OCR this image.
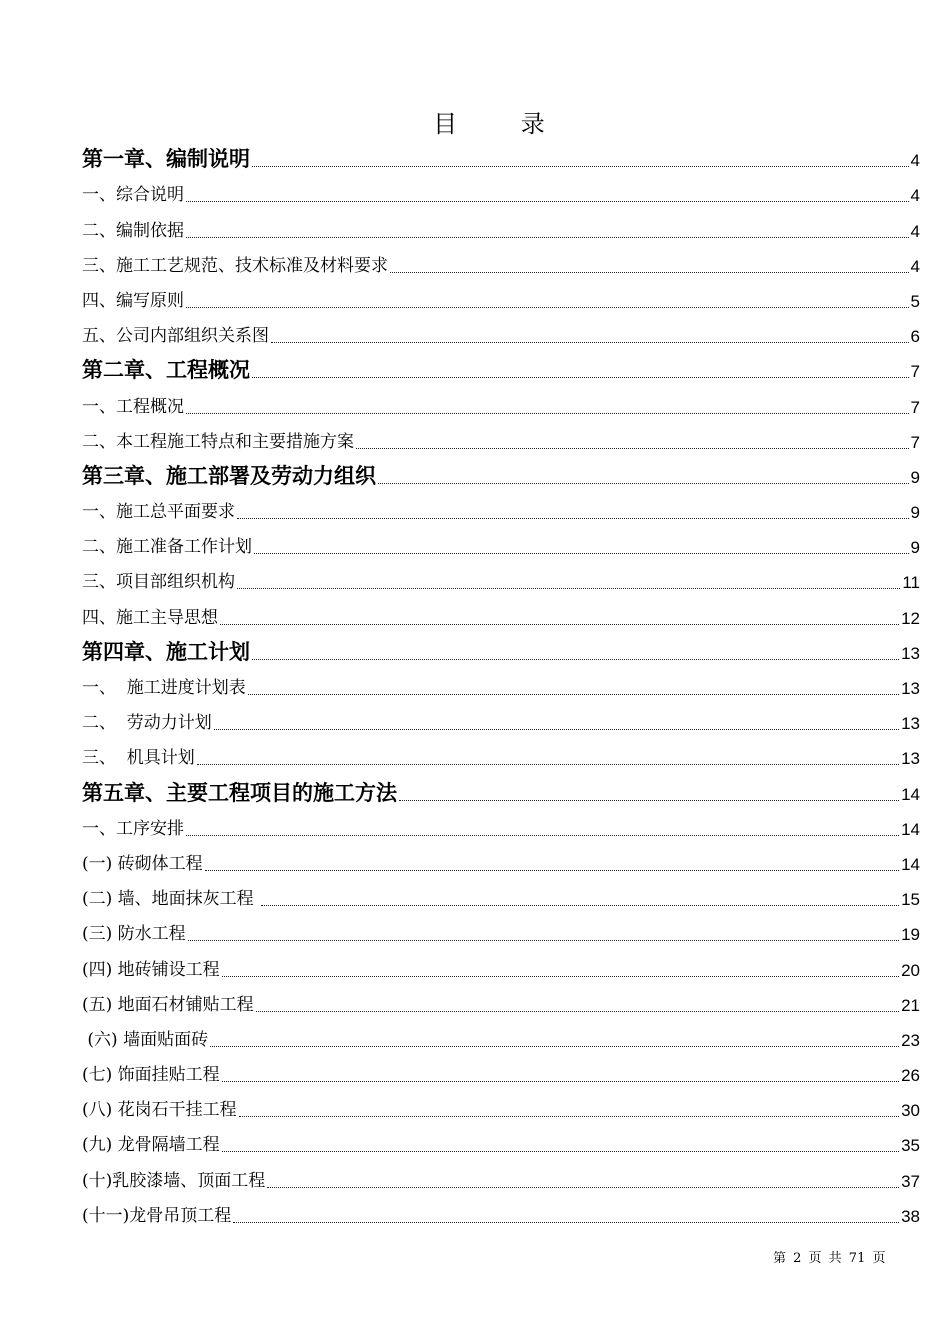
目 录
第一章、编制说明	4
一、综合说明	4
二、编制依据	4
三、施工工艺规范、技术标准及材料要求	4
四、编写原则	5
五、公司内部组织关系图	6
第二章、工程概况	7
一、工程概况	7
二、本工程施工特点和主要措施方案	7
第三章、施工部署及劳动力组织	9
一、施工总平面要求	9
二、施工准备工作计划	9
三、项目部组织机构	11
四、施工主导思想	12
第四章、施工计划	13
一、  施工进度计划表	13
二、  劳动力计划	13
三、  机具计划	13
第五章、主要工程项目的施工方法	14
一、工序安排	14
(一) 砖砌体工程	14
(二) 墙、地面抹灰工程	15
(三) 防水工程	19
(四) 地砖铺设工程	20
(五) 地面石材铺贴工程	21
(六) 墙面贴面砖	23
(七) 饰面挂贴工程	26
(八) 花岗石干挂工程	30
(九) 龙骨隔墙工程	35
(十)乳胶漆墙、顶面工程	37
(十一)龙骨吊顶工程	38
第 2 页 共 71 页
